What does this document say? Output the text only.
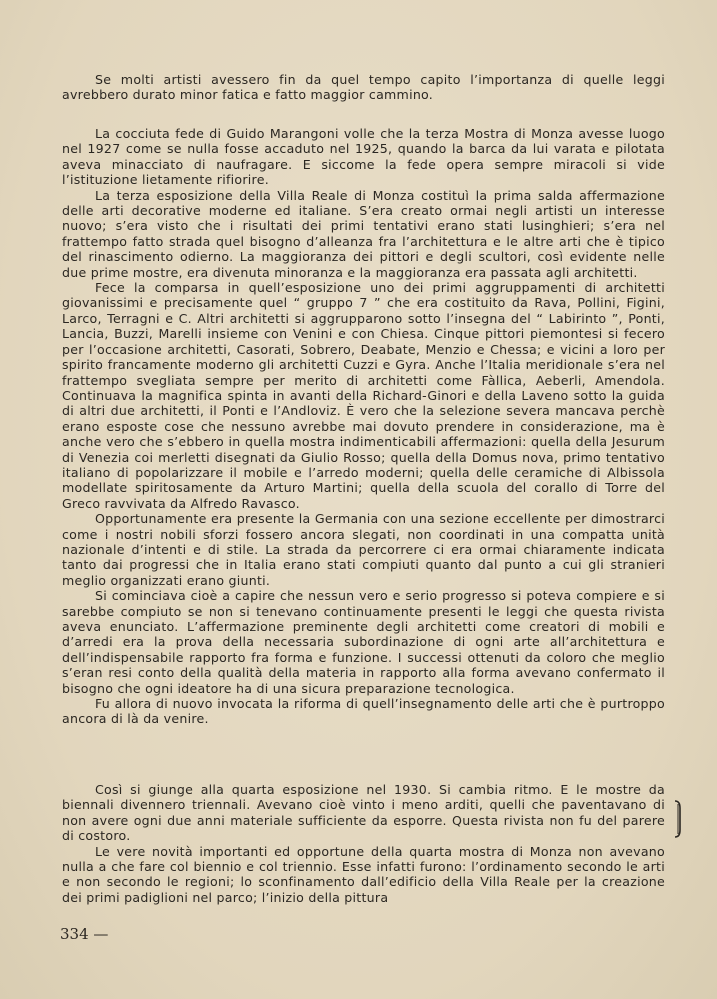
Se molti artisti avessero fin da quel tempo capito l’importanza di quelle leggi avrebbero durato minor fatica e fatto maggior cammino.

La cocciuta fede di Guido Marangoni volle che la terza Mostra di Monza avesse luogo nel 1927 come se nulla fosse accaduto nel 1925, quando la barca da lui varata e pilotata aveva minacciato di naufragare. E siccome la fede opera sempre miracoli si vide l’istituzione lietamente rifiorire.

La terza esposizione della Villa Reale di Monza costituì la prima salda affermazione delle arti decorative moderne ed italiane. S’era creato ormai negli artisti un interesse nuovo; s’era visto che i risultati dei primi tentativi erano stati lusinghieri; s’era nel frattempo fatto strada quel bisogno d’alleanza fra l’architettura e le altre arti che è tipico del rinascimento odierno. La maggioranza dei pittori e degli scultori, così evidente nelle due prime mostre, era divenuta minoranza e la maggioranza era passata agli architetti.

Fece la comparsa in quell’esposizione uno dei primi aggruppamenti di architetti giovanissimi e precisamente quel “ gruppo 7 ” che era costituito da Rava, Pollini, Figini, Larco, Terragni e C. Altri architetti si aggrupparono sotto l’insegna del “ Labirinto ”, Ponti, Lancia, Buzzi, Marelli insieme con Venini e con Chiesa. Cinque pittori piemontesi si fecero per l’occasione architetti, Casorati, Sobrero, Deabate, Menzio e Chessa; e vicini a loro per spirito francamente moderno gli architetti Cuzzi e Gyra. Anche l’Italia meridionale s’era nel frattempo svegliata sempre per merito di architetti come Fàllica, Aeberli, Amendola. Continuava la magnifica spinta in avanti della Richard-Ginori e della Laveno sotto la guida di altri due architetti, il Ponti e l’Andloviz. È vero che la selezione severa mancava perchè erano esposte cose che nessuno avrebbe mai dovuto prendere in considerazione, ma è anche vero che s’ebbero in quella mostra indimenticabili affermazioni: quella della Jesurum di Venezia coi merletti disegnati da Giulio Rosso; quella della Domus nova, primo tentativo italiano di popolarizzare il mobile e l’arredo moderni; quella delle ceramiche di Albissola modellate spiritosamente da Arturo Martini; quella della scuola del corallo di Torre del Greco ravvivata da Alfredo Ravasco.

Opportunamente era presente la Germania con una sezione eccellente per dimostrarci come i nostri nobili sforzi fossero ancora slegati, non coordinati in una compatta unità nazionale d’intenti e di stile. La strada da percorrere ci era ormai chiaramente indicata tanto dai progressi che in Italia erano stati compiuti quanto dal punto a cui gli stranieri meglio organizzati erano giunti.

Si cominciava cioè a capire che nessun vero e serio progresso si poteva compiere e si sarebbe compiuto se non si tenevano continuamente presenti le leggi che questa rivista aveva enunciato. L’affermazione preminente degli architetti come creatori di mobili e d’arredi era la prova della necessaria subordinazione di ogni arte all’architettura e dell’indispensabile rapporto fra forma e funzione. I successi ottenuti da coloro che meglio s’eran resi conto della qualità della materia in rapporto alla forma avevano confermato il bisogno che ogni ideatore ha di una sicura preparazione tecnologica.

Fu allora di nuovo invocata la riforma di quell’insegnamento delle arti che è purtroppo ancora di là da venire.

Così si giunge alla quarta esposizione nel 1930. Si cambia ritmo. E le mostre da biennali divennero triennali. Avevano cioè vinto i meno arditi, quelli che paventavano di non avere ogni due anni materiale sufficiente da esporre. Questa rivista non fu del parere di costoro.

Le vere novità importanti ed opportune della quarta mostra di Monza non avevano nulla a che fare col biennio e col triennio. Esse infatti furono: l’ordinamento secondo le arti e non secondo le regioni; lo sconfinamento dall’edificio della Villa Reale per la creazione dei primi padiglioni nel parco; l’inizio della pittura

334 —
